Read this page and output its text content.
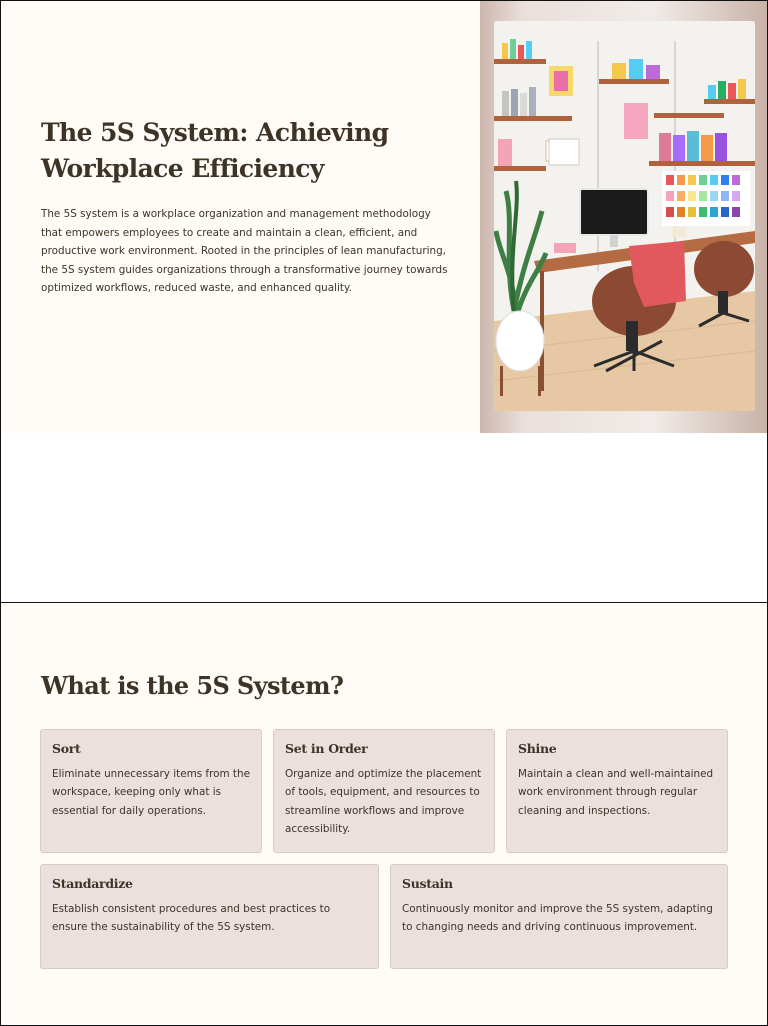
The 5S System: Achieving Workplace Efficiency

The 5S system is a workplace organization and management methodology that empowers employees to create and maintain a clean, efficient, and productive work environment. Rooted in the principles of lean manufacturing, the 5S system guides organizations through a transformative journey towards optimized workflows, reduced waste, and enhanced quality.

What is the 5S System?
Sort

Eliminate unnecessary items from the workspace, keeping only what is essential for daily operations.

Set in Order

Organize and optimize the placement of tools, equipment, and resources to streamline workflows and improve accessibility.

Shine

Maintain a clean and well-maintained work environment through regular cleaning and inspections.

Standardize

Establish consistent procedures and best practices to ensure the sustainability of the 5S system.

Sustain

Continuously monitor and improve the 5S system, adapting to changing needs and driving continuous improvement.
